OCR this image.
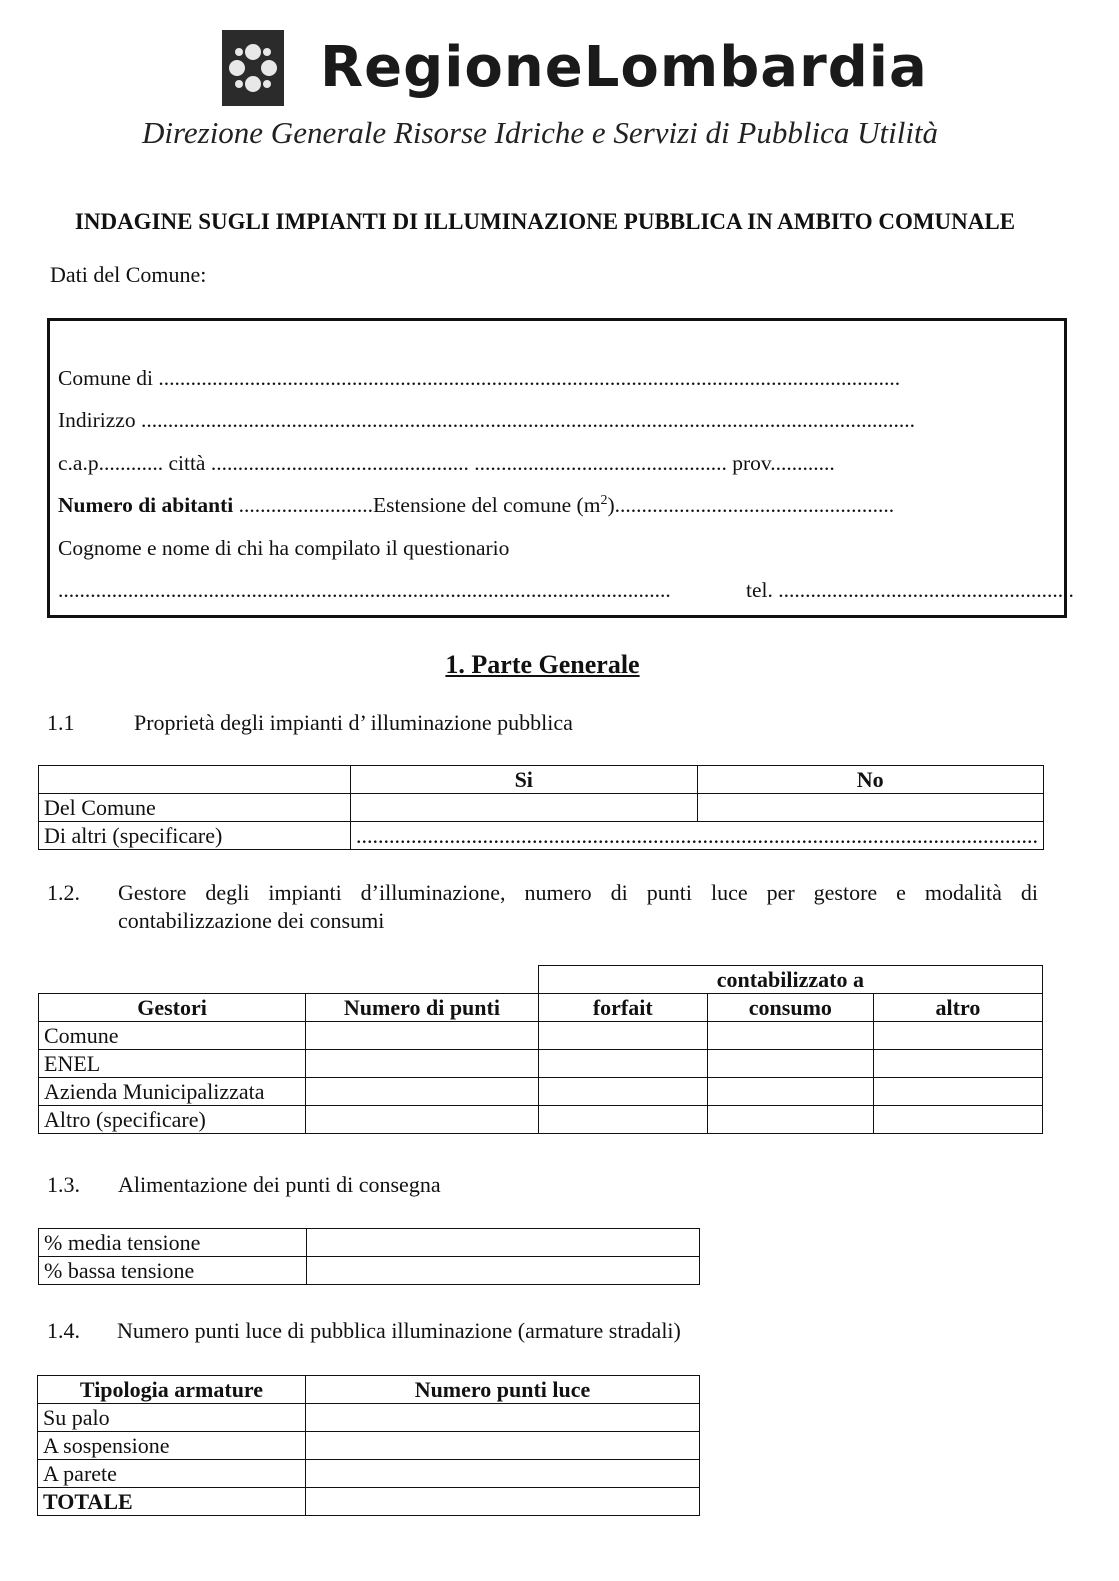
RegioneLombardia
Direzione Generale Risorse Idriche e Servizi di Pubblica Utilità
INDAGINE SUGLI IMPIANTI DI ILLUMINAZIONE PUBBLICA IN AMBITO COMUNALE
Dati del Comune:
Comune di ..........................................................................................................................................
Indirizzo ................................................................................................................................................
c.a.p............ città ................................................ ............................................... prov............
Numero di abitanti .........................Estensione del comune $(m^2)$....................................................
Cognome e nome di chi ha compilato il questionario
..................................................................................................................              tel. .......................................................
1. Parte Generale
1.1	Proprietà degli impianti d’ illuminazione pubblica
	Si	No
Del Comune		
Di altri (specificare)	............................................................................................................................	
1.2. Gestore degli impianti d’illuminazione, numero di punti luce per gestore e modalità di
contabilizzazione dei consumi
		contabilizzato a		
Gestori	Numero di punti	forfait	consumo	altro
Comune				
ENEL				
Azienda Municipalizzata				
Altro (specificare)				
1.3. Alimentazione dei punti di consegna
% media tensione	
% bassa tensione	
1.4. Numero punti luce di pubblica illuminazione (armature stradali)
Tipologia armature	Numero punti luce
Su palo	
A sospensione	
A parete	
TOTALE	
